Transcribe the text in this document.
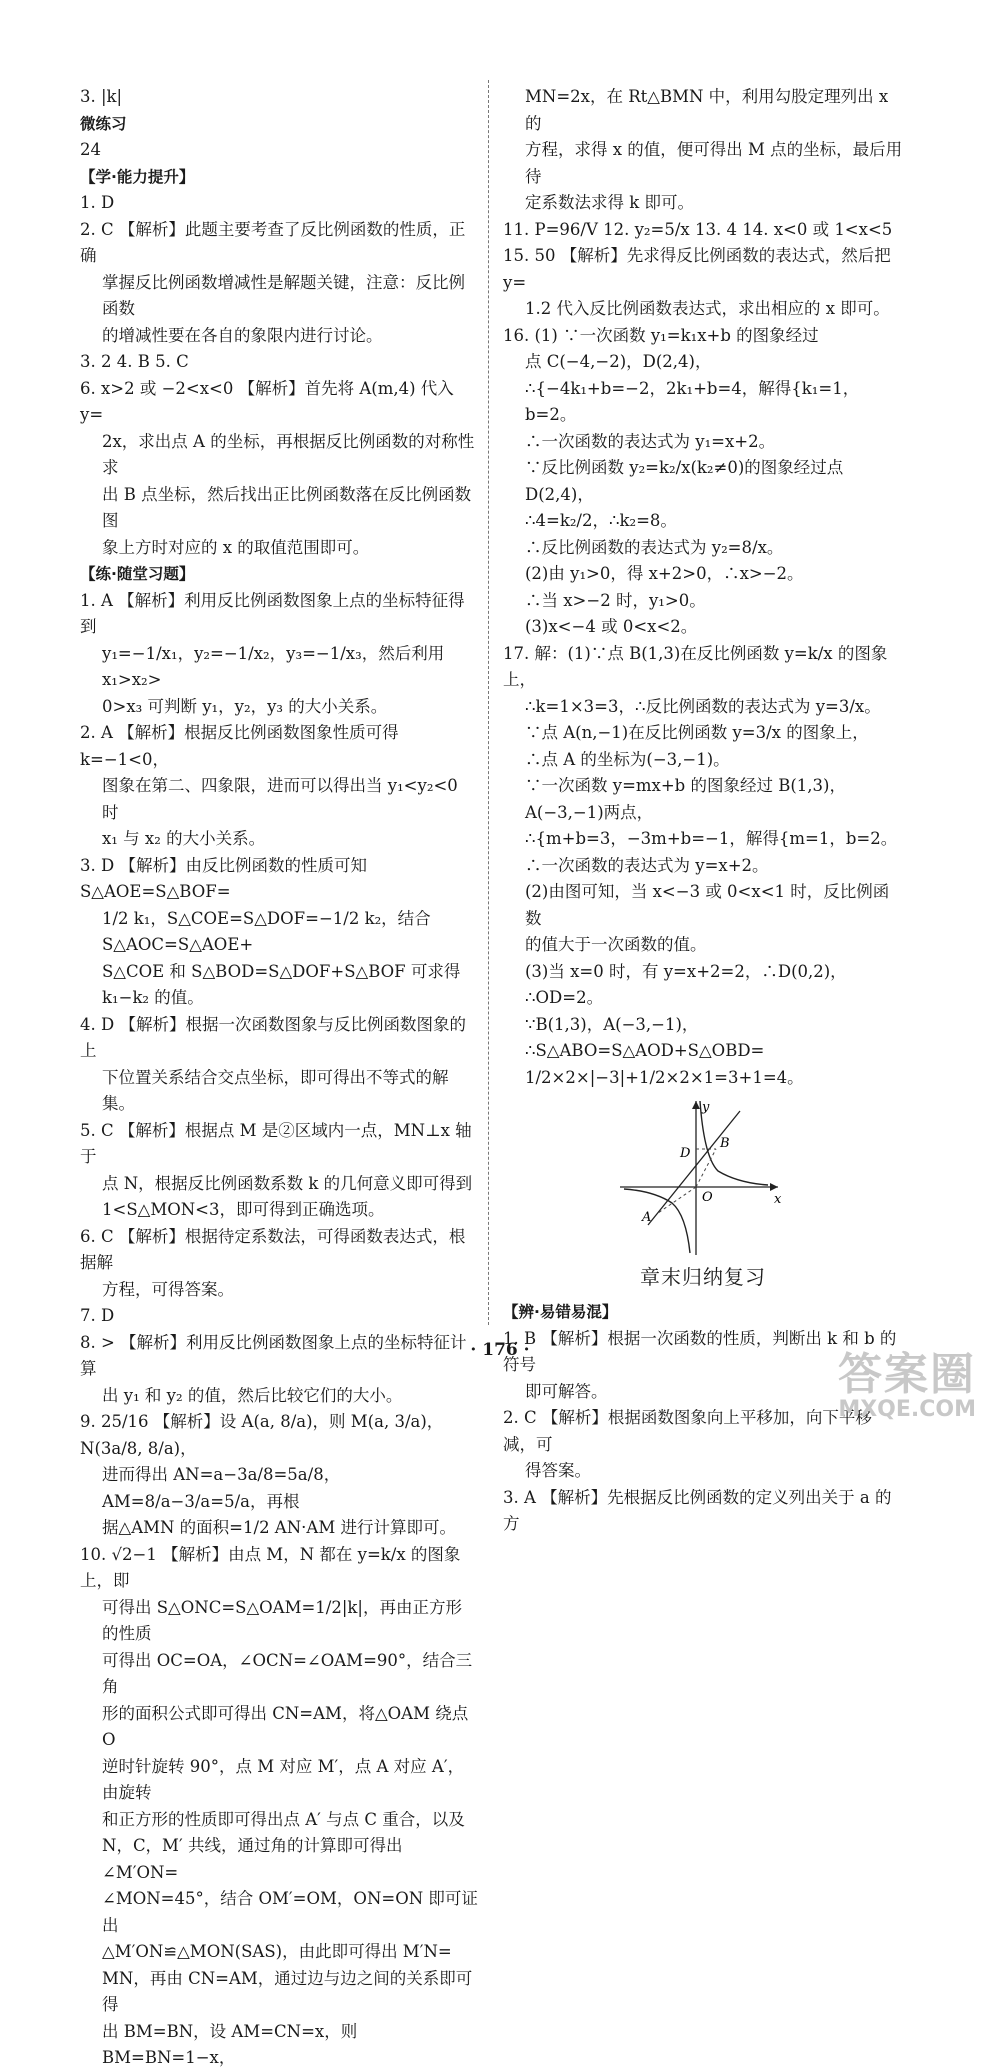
3. |k|

微练习

24

【学·能力提升】

1. D

2. C 【解析】此题主要考查了反比例函数的性质，正确

掌握反比例函数增减性是解题关键，注意：反比例函数

的增减性要在各自的象限内进行讨论。

3. 2 4. B 5. C

6. x>2 或 −2<x<0 【解析】首先将 A(m,4) 代入 y=

2x，求出点 A 的坐标，再根据反比例函数的对称性求

出 B 点坐标，然后找出正比例函数落在反比例函数图

象上方时对应的 x 的取值范围即可。

【练·随堂习题】

1. A 【解析】利用反比例函数图象上点的坐标特征得到

y₁=−1/x₁，y₂=−1/x₂，y₃=−1/x₃，然后利用 x₁>x₂>

0>x₃ 可判断 y₁，y₂，y₃ 的大小关系。

2. A 【解析】根据反比例函数图象性质可得 k=−1<0，

图象在第二、四象限，进而可以得出当 y₁<y₂<0 时

x₁ 与 x₂ 的大小关系。

3. D 【解析】由反比例函数的性质可知 S△AOE=S△BOF=

1/2 k₁，S△COE=S△DOF=−1/2 k₂，结合 S△AOC=S△AOE+

S△COE 和 S△BOD=S△DOF+S△BOF 可求得 k₁−k₂ 的值。

4. D 【解析】根据一次函数图象与反比例函数图象的上

下位置关系结合交点坐标，即可得出不等式的解集。

5. C 【解析】根据点 M 是②区域内一点，MN⊥x 轴于

点 N，根据反比例函数系数 k 的几何意义即可得到

1<S△MON<3，即可得到正确选项。

6. C 【解析】根据待定系数法，可得函数表达式，根据解

方程，可得答案。

7. D

8. > 【解析】利用反比例函数图象上点的坐标特征计算

出 y₁ 和 y₂ 的值，然后比较它们的大小。

9. 25/16 【解析】设 A(a, 8/a)，则 M(a, 3/a)，N(3a/8, 8/a)，

进而得出 AN=a−3a/8=5a/8，AM=8/a−3/a=5/a，再根

据△AMN 的面积=1/2 AN·AM 进行计算即可。

10. √2−1 【解析】由点 M，N 都在 y=k/x 的图象上，即

可得出 S△ONC=S△OAM=1/2|k|，再由正方形的性质

可得出 OC=OA，∠OCN=∠OAM=90°，结合三角

形的面积公式即可得出 CN=AM，将△OAM 绕点 O

逆时针旋转 90°，点 M 对应 M′，点 A 对应 A′，由旋转

和正方形的性质即可得出点 A′ 与点 C 重合，以及

N，C，M′ 共线，通过角的计算即可得出∠M′ON=

∠MON=45°，结合 OM′=OM，ON=ON 即可证出

△M′ON≌△MON(SAS)，由此即可得出 M′N=

MN，再由 CN=AM，通过边与边之间的关系即可得

出 BM=BN，设 AM=CN=x，则 BM=BN=1−x，

MN=2x，在 Rt△BMN 中，利用勾股定理列出 x 的

方程，求得 x 的值，便可得出 M 点的坐标，最后用待

定系数法求得 k 即可。

11. P=96/V 12. y₂=5/x 13. 4 14. x<0 或 1<x<5

15. 50 【解析】先求得反比例函数的表达式，然后把 y=

1.2 代入反比例函数表达式，求出相应的 x 即可。

16. (1) ∵一次函数 y₁=k₁x+b 的图象经过

点 C(−4,−2)，D(2,4)，

∴{−4k₁+b=−2，2k₁+b=4，解得{k₁=1，b=2。

∴一次函数的表达式为 y₁=x+2。

∵反比例函数 y₂=k₂/x(k₂≠0)的图象经过点 D(2,4)，

∴4=k₂/2，∴k₂=8。

∴反比例函数的表达式为 y₂=8/x。

(2)由 y₁>0，得 x+2>0，∴x>−2。

∴当 x>−2 时，y₁>0。

(3)x<−4 或 0<x<2。

17. 解：(1)∵点 B(1,3)在反比例函数 y=k/x 的图象上，

∴k=1×3=3，∴反比例函数的表达式为 y=3/x。

∵点 A(n,−1)在反比例函数 y=3/x 的图象上，

∴点 A 的坐标为(−3,−1)。

∵一次函数 y=mx+b 的图象经过 B(1,3)，

A(−3,−1)两点，

∴{m+b=3，−3m+b=−1，解得{m=1，b=2。

∴一次函数的表达式为 y=x+2。

(2)由图可知，当 x<−3 或 0<x<1 时，反比例函数

的值大于一次函数的值。

(3)当 x=0 时，有 y=x+2=2，∴D(0,2)，

∴OD=2。

∵B(1,3)，A(−3,−1)，∴S△ABO=S△AOD+S△OBD=

1/2×2×|−3|+1/2×2×1=3+1=4。

y
x
D
B
O
A
章末归纳复习

【辨·易错易混】

1. B 【解析】根据一次函数的性质，判断出 k 和 b 的符号

即可解答。

2. C 【解析】根据函数图象向上平移加，向下平移减，可

得答案。

3. A 【解析】先根据反比例函数的定义列出关于 a 的方

· 176 ·	答案圈
MXQE.COM
